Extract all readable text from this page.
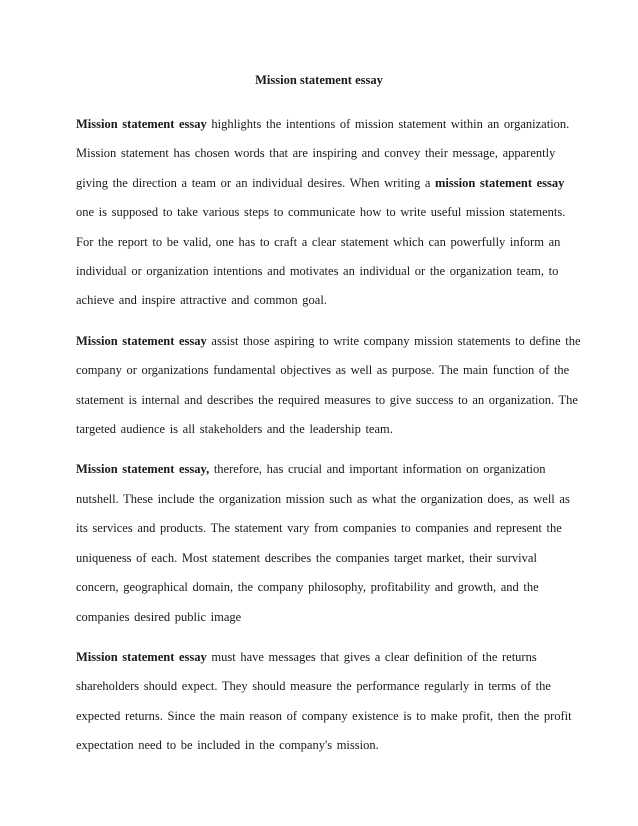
Mission statement essay

Mission statement essay highlights the intentions of mission statement within an organization.
Mission statement has chosen words that are inspiring and convey their message, apparently
giving the direction a team or an individual desires. When writing a mission statement essay
one is supposed to take various steps to communicate how to write useful mission statements.
For the report to be valid, one has to craft a clear statement which can powerfully inform an
individual or organization intentions and motivates an individual or the organization team, to
achieve and inspire attractive and common goal.

Mission statement essay assist those aspiring to write company mission statements to define the
company or organizations fundamental objectives as well as purpose. The main function of the
statement is internal and describes the required measures to give success to an organization. The
targeted audience is all stakeholders and the leadership team.

Mission statement essay, therefore, has crucial and important information on organization
nutshell. These include the organization mission such as what the organization does, as well as
its services and products. The statement vary from companies to companies and represent the
uniqueness of each. Most statement describes the companies target market, their survival
concern, geographical domain, the company philosophy, profitability and growth, and the
companies desired public image

Mission statement essay must have messages that gives a clear definition of the returns
shareholders should expect. They should measure the performance regularly in terms of the
expected returns. Since the main reason of company existence is to make profit, then the profit
expectation need to be included in the company's mission.
